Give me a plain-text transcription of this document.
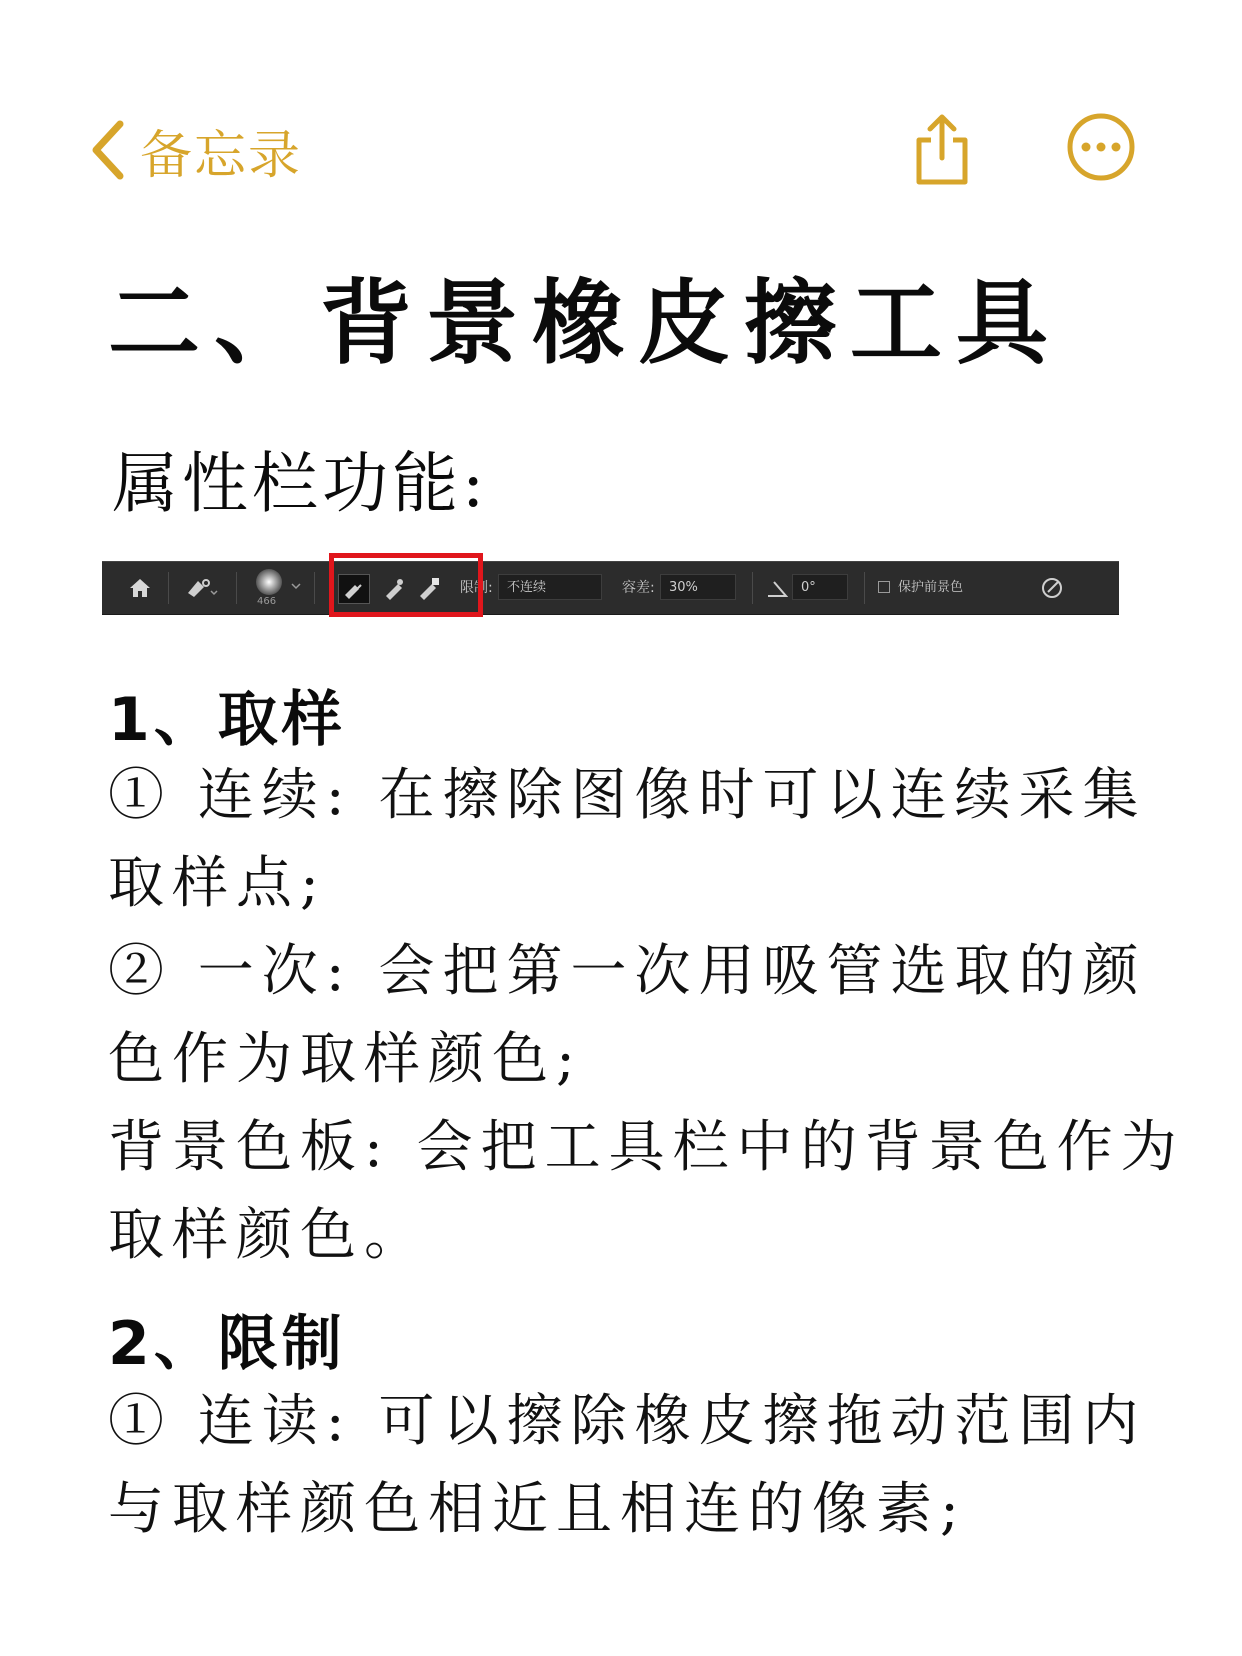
备忘录
二、背景橡皮擦工具
属性栏功能:
466
限制:	不连续	容差:	30%	0°	保护前景色
1、取样
① 连续: 在擦除图像时可以连续采集
取样点;
② 一次: 会把第一次用吸管选取的颜
色作为取样颜色;
背景色板: 会把工具栏中的背景色作为
取样颜色。
2、限制
① 连读: 可以擦除橡皮擦拖动范围内
与取样颜色相近且相连的像素;
